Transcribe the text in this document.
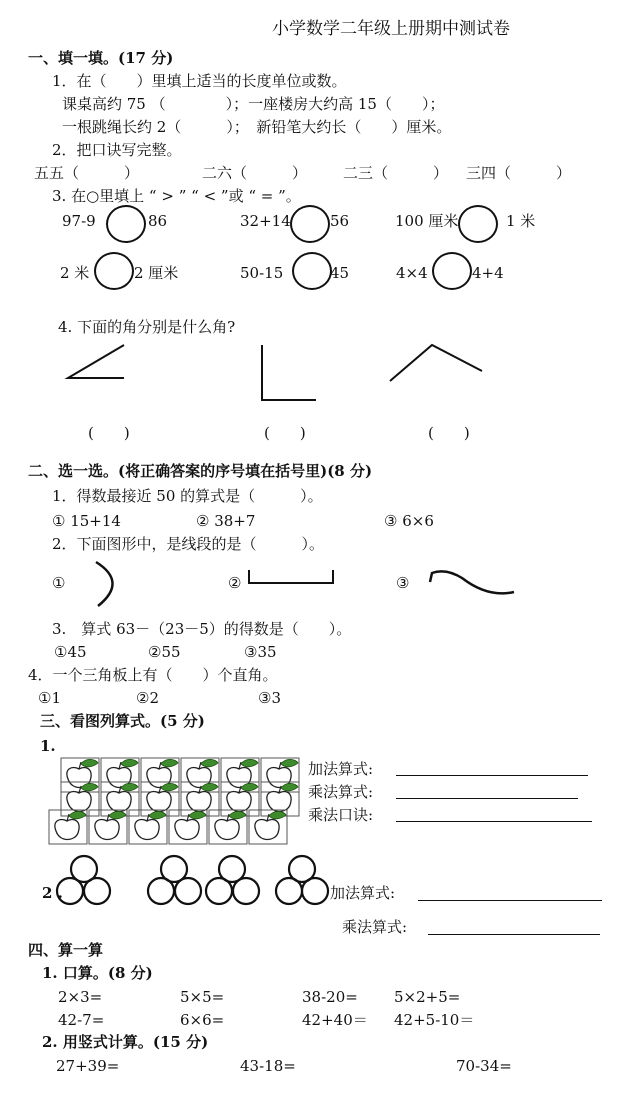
小学数学二年级上册期中测试卷
一、填一填。(17 分)
1．在（　　）里填上适当的长度单位或数。
课桌高约 75 （　　　　）；一座楼房大约高 15（　　）；
一根跳绳长约 2（　　　）；　新铅笔大约长（　　）厘米。
2．把口诀写完整。
五五（　　　）	二六（　　　） 二三（　　　） 三四（　　　）
3. 在○里填上 “ > ” “ < ”或 “ = ”。
97-9	86	32+14	56	100 厘米	1 米
2 米	2 厘米	50-15	45	4×4	4+4
4. 下面的角分别是什么角?
(　　)	(　　)	(　　)
二、选一选。(将正确答案的序号填在括号里)(8 分)
1．得数最接近 50 的算式是（　　　）。
① 15+14	② 38+7	③ 6×6
2．下面图形中，是线段的是（　　　）。
①	②	③
3.　算式 63－（23－5）的得数是（　　）。
①45	②55	③35
4．一个三角板上有（　　）个直角。
①1	②2	③3
三、看图列算式。(5 分)
1.
加法算式:
乘法算式:
乘法口诀:
2 .	加法算式:
乘法算式:
四、算一算
1. 口算。(8 分)
2×3=	5×5=	38-20= 5×2+5=
42-7=	6×6=	42+40＝ 42+5-10＝
2. 用竖式计算。(15 分)
27+39=	43-18=	70-34=
